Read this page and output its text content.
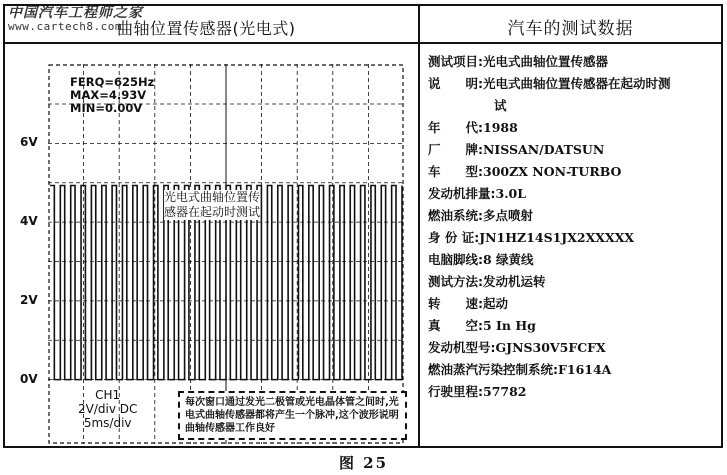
中国汽车工程师之家
www.cartech8.com
曲轴位置传感器(光电式)	汽车的测试数据
FERQ=625Hz
MAX=4.93V
MIN=0.00V
光电式曲轴位置传
感器在起动时测试
CH1
2V/div DC
5ms/div
每次窗口通过发光二极管或光电晶体管之间时,光电式曲轴传感器都将产生一个脉冲,这个波形说明曲轴传感器工作良好
6V
4V
2V
0V
测试项目: 光电式曲轴位置传感器
说　　明: 光电式曲轴位置传感器在起动时测
试
年　　代: 1988
厂　　牌: NISSAN/DATSUN
车　　型: 300ZX NON-TURBO
发动机排量: 3.0L
燃油系统: 多点喷射
身 份 证: JN1HZ14S1JX2XXXXX
电脑脚线: 8 绿黄线
测试方法: 发动机运转
转　　速: 起动
真　　空: 5 In Hg
发动机型号: GJNS30V5FCFX
燃油蒸汽污染控制系统: F1614A
行驶里程: 57782
图 25
